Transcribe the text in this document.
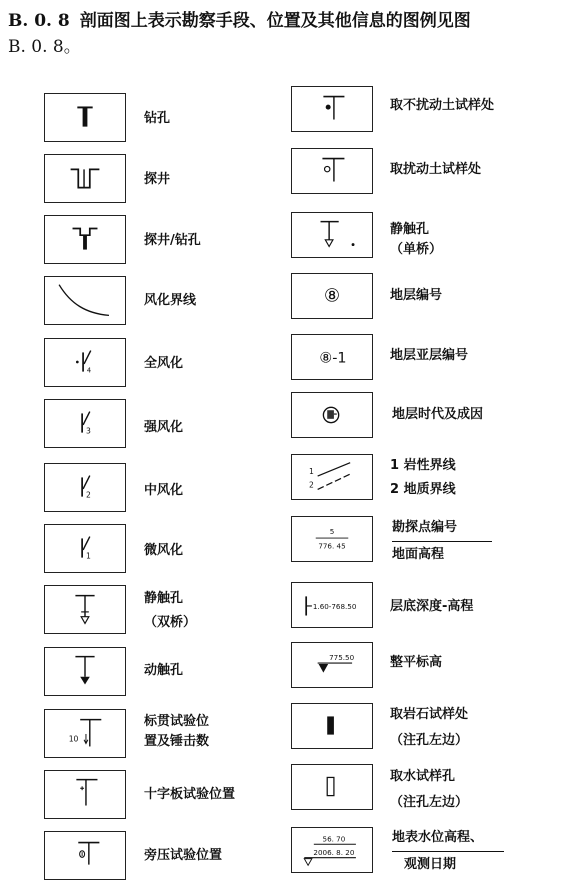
B. 0. 8 剖面图上表示勘察手段、位置及其他信息的图例见图
B. 0. 8。
钻孔
探井
探井/钻孔
风化界线
4	全风化
3	强风化
2	中风化
1	微风化
静触孔
（双桥）
动触孔
10
标贯试验位
置及锤击数
十字板试验位置
旁压试验位置
取不扰动土试样处
取扰动土试样处
静触孔
（单桥）
⑧	地层编号
⑧-1	地层亚层编号
地层时代及成因
1
2
1 岩性界线
2 地质界线
5
776. 45
勘探点编号
地面高程
1.60-768.50	层底深度-高程
775.50	整平标高
取岩石试样处
（注孔左边）
取水试样孔
（注孔左边）
56. 70
2006. 8. 20
地表水位高程、
观测日期
